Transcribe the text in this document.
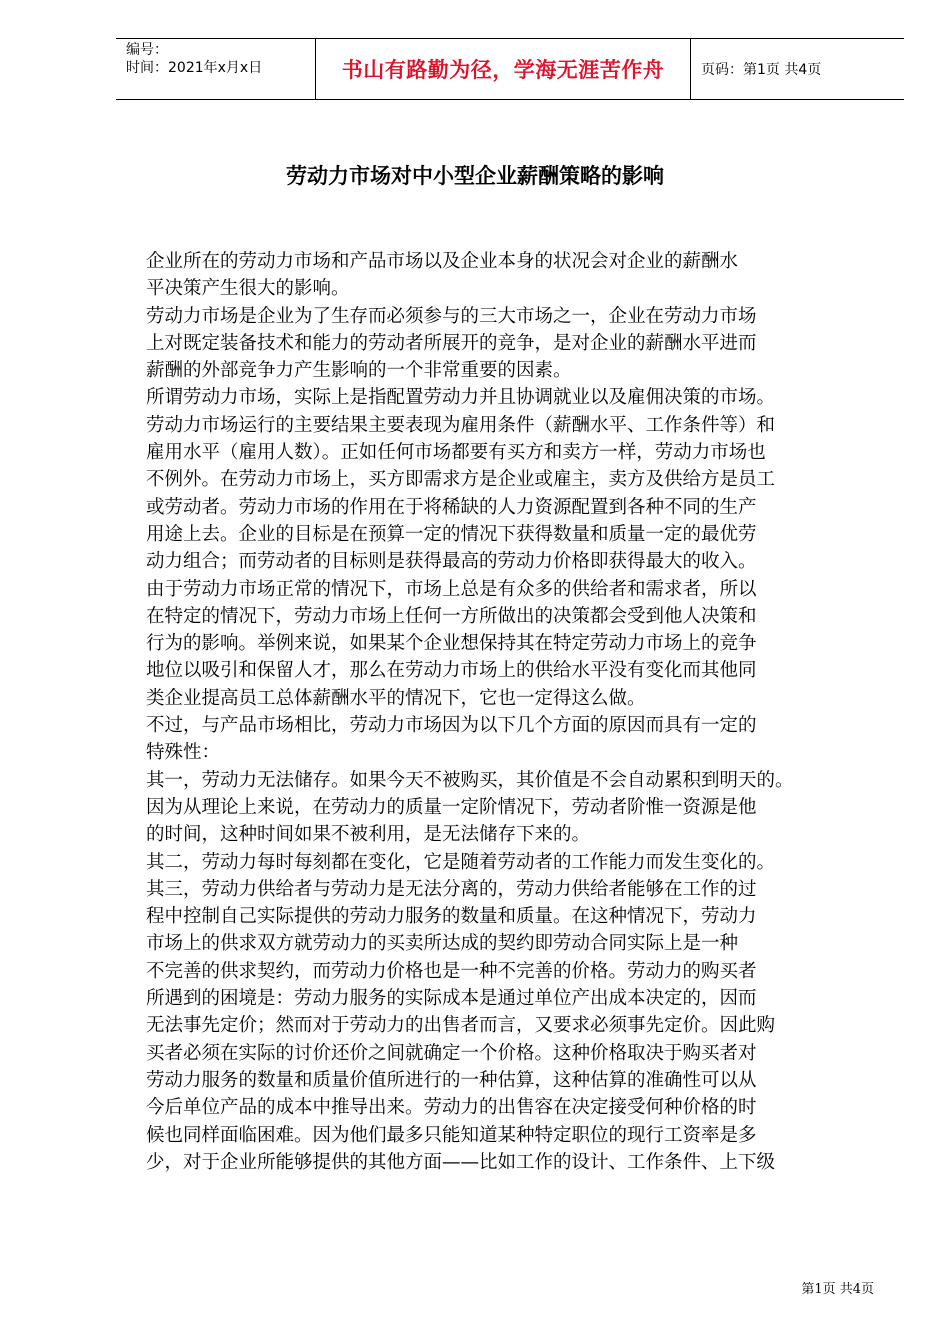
编号：
时间：2021年x月x日	书山有路勤为径，学海无涯苦作舟	页码：第1页 共4页
劳动力市场对中小型企业薪酬策略的影响
企业所在的劳动力市场和产品市场以及企业本身的状况会对企业的薪酬水
平决策产生很大的影响。
劳动力市场是企业为了生存而必须参与的三大市场之一，企业在劳动力市场
上对既定装备技术和能力的劳动者所展开的竞争，是对企业的薪酬水平进而
薪酬的外部竞争力产生影响的一个非常重要的因素。
所谓劳动力市场，实际上是指配置劳动力并且协调就业以及雇佣决策的市场。
劳动力市场运行的主要结果主要表现为雇用条件（薪酬水平、工作条件等）和
雇用水平（雇用人数）。正如任何市场都要有买方和卖方一样，劳动力市场也
不例外。在劳动力市场上，买方即需求方是企业或雇主，卖方及供给方是员工
或劳动者。劳动力市场的作用在于将稀缺的人力资源配置到各种不同的生产
用途上去。企业的目标是在预算一定的情况下获得数量和质量一定的最优劳
动力组合；而劳动者的目标则是获得最高的劳动力价格即获得最大的收入。
由于劳动力市场正常的情况下，市场上总是有众多的供给者和需求者，所以
在特定的情况下，劳动力市场上任何一方所做出的决策都会受到他人决策和
行为的影响。举例来说，如果某个企业想保持其在特定劳动力市场上的竞争
地位以吸引和保留人才，那么在劳动力市场上的供给水平没有变化而其他同
类企业提高员工总体薪酬水平的情况下，它也一定得这么做。
不过，与产品市场相比，劳动力市场因为以下几个方面的原因而具有一定的
特殊性：
其一，劳动力无法储存。如果今天不被购买，其价值是不会自动累积到明天的。
因为从理论上来说，在劳动力的质量一定阶情况下，劳动者阶惟一资源是他
的时间，这种时间如果不被利用，是无法储存下来的。
其二，劳动力每时每刻都在变化，它是随着劳动者的工作能力而发生变化的。
其三，劳动力供给者与劳动力是无法分离的，劳动力供给者能够在工作的过
程中控制自己实际提供的劳动力服务的数量和质量。在这种情况下，劳动力
市场上的供求双方就劳动力的买卖所达成的契约即劳动合同实际上是一种
不完善的供求契约，而劳动力价格也是一种不完善的价格。劳动力的购买者
所遇到的困境是：劳动力服务的实际成本是通过单位产出成本决定的，因而
无法事先定价；然而对于劳动力的出售者而言，又要求必须事先定价。因此购
买者必须在实际的讨价还价之间就确定一个价格。这种价格取决于购买者对
劳动力服务的数量和质量价值所进行的一种估算，这种估算的准确性可以从
今后单位产品的成本中推导出来。劳动力的出售容在决定接受何种价格的时
候也同样面临困难。因为他们最多只能知道某种特定职位的现行工资率是多
少，对于企业所能够提供的其他方面——比如工作的设计、工作条件、上下级
第1页 共4页
